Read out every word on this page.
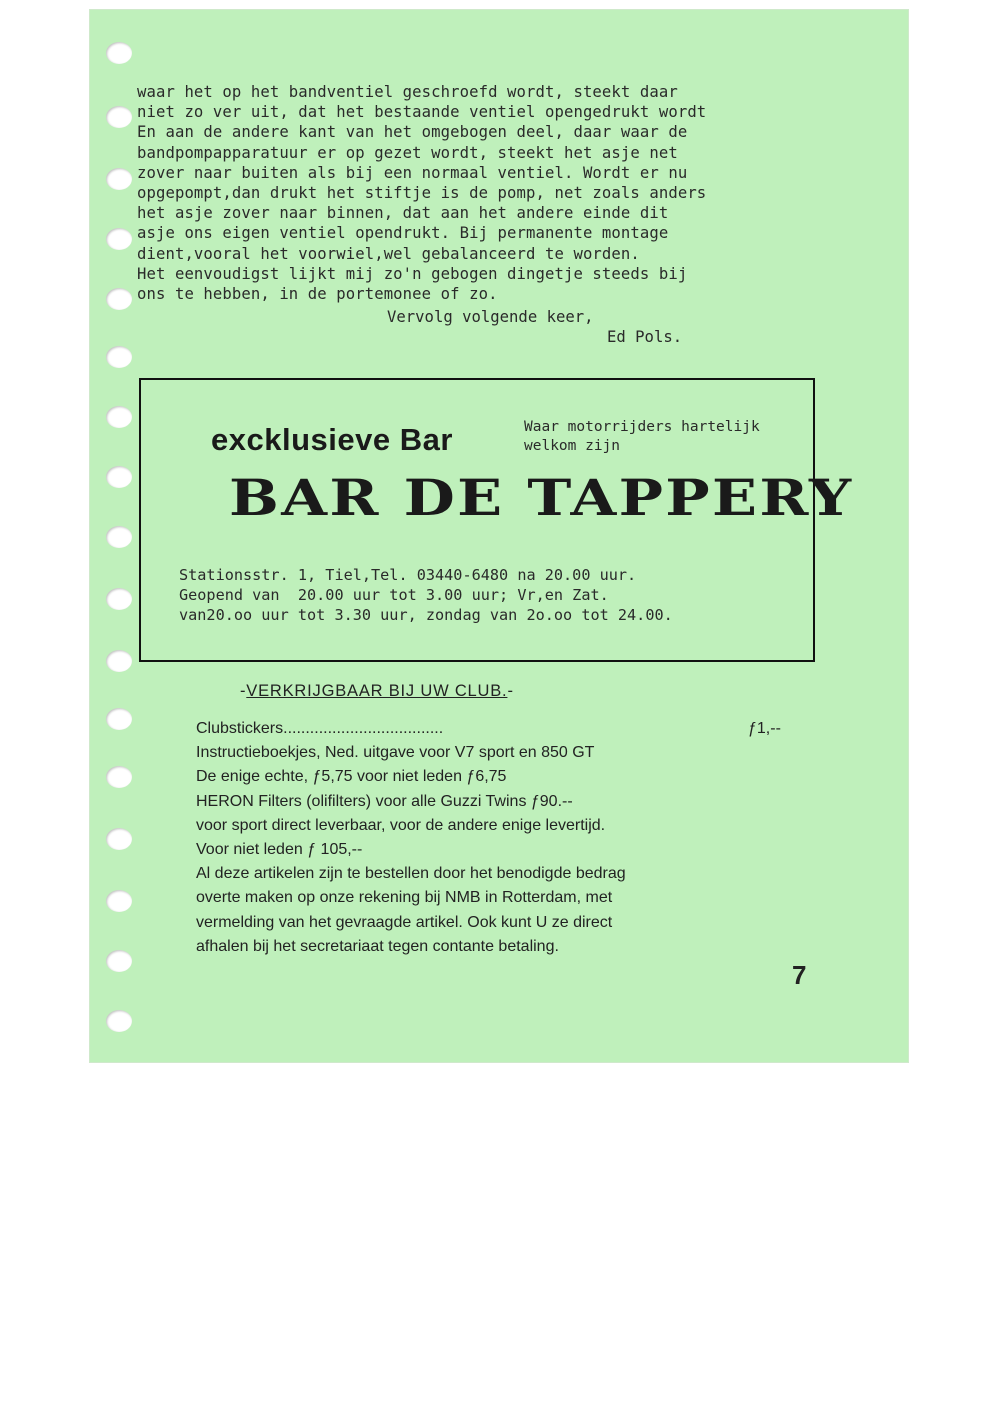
waar het op het bandventiel geschroefd wordt, steekt daar
niet zo ver uit, dat het bestaande ventiel opengedrukt wordt
En aan de andere kant van het omgebogen deel, daar waar de
bandpompapparatuur er op gezet wordt, steekt het asje net
zover naar buiten als bij een normaal ventiel. Wordt er nu
opgepompt,dan drukt het stiftje is de pomp, net zoals anders
het asje zover naar binnen, dat aan het andere einde dit
asje ons eigen ventiel opendrukt. Bij permanente montage
dient,vooral het voorwiel,wel gebalanceerd te worden.
Het eenvoudigst lijkt mij zo'n gebogen dingetje steeds bij
ons te hebben, in de portemonee of zo.
Vervolg volgende keer,
Ed Pols.
excklusieve Bar	Waar motorrijders hartelijk welkom zijn
BAR DE TAPPERY
Stationsstr. 1, Tiel,Tel. 03440-6480 na 20.00 uur.
Geopend van  20.00 uur tot 3.00 uur; Vr,en Zat.
van20.oo uur tot 3.30 uur, zondag van 2o.oo tot 24.00.
-VERKRIJGBAAR BIJ UW CLUB.-
Clubstickers....................................	ƒ1,--
Instructieboekjes, Ned. uitgave voor V7 sport en 850 GT
De enige echte, ƒ5,75 voor niet leden ƒ6,75
HERON Filters (olifilters) voor alle Guzzi Twins ƒ90.--
voor sport direct leverbaar, voor de andere enige levertijd.
Voor niet leden ƒ 105,--
Al deze artikelen zijn te bestellen door het benodigde bedrag
overte maken op onze rekening bij NMB in Rotterdam, met
vermelding van het gevraagde artikel. Ook kunt U ze direct
afhalen bij het secretariaat tegen contante betaling.
7
